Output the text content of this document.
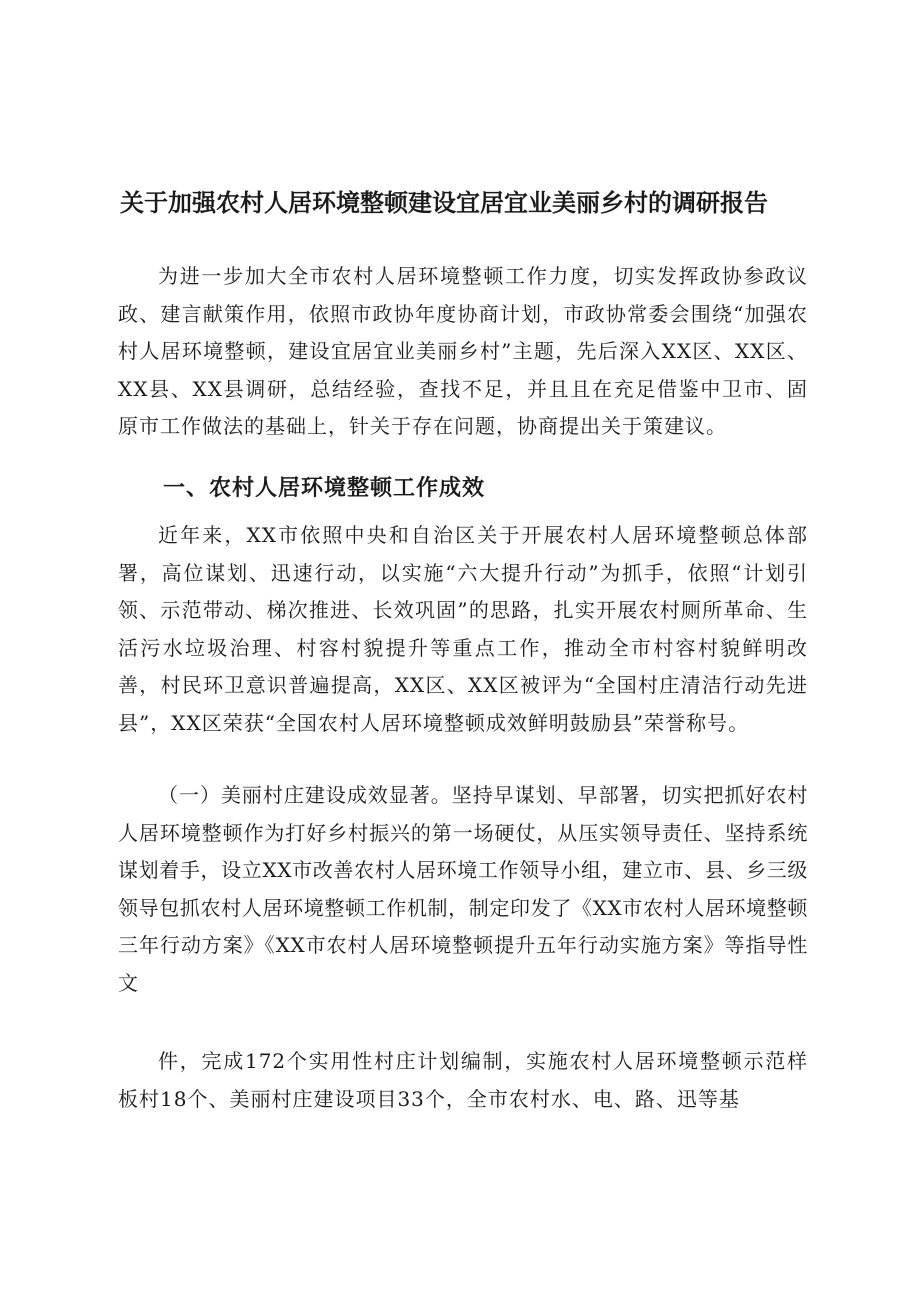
关于加强农村人居环境整顿建设宜居宜业美丽乡村的调研报告

为进一步加大全市农村人居环境整顿工作力度，切实发挥政协参政议政、建言献策作用，依照市政协年度协商计划，市政协常委会围绕“加强农村人居环境整顿，建设宜居宜业美丽乡村”主题，先后深入XX区、XX区、XX县、XX县调研，总结经验，查找不足，并且且在充足借鉴中卫市、固原市工作做法的基础上，针关于存在问题，协商提出关于策建议。

一、农村人居环境整顿工作成效

近年来，XX市依照中央和自治区关于开展农村人居环境整顿总体部署，高位谋划、迅速行动，以实施“六大提升行动”为抓手，依照“计划引领、示范带动、梯次推进、长效巩固”的思路，扎实开展农村厕所革命、生活污水垃圾治理、村容村貌提升等重点工作，推动全市村容村貌鲜明改善，村民环卫意识普遍提高，XX区、XX区被评为“全国村庄清洁行动先进县”，XX区荣获“全国农村人居环境整顿成效鲜明鼓励县”荣誉称号。

（一）美丽村庄建设成效显著。坚持早谋划、早部署，切实把抓好农村人居环境整顿作为打好乡村振兴的第一场硬仗，从压实领导责任、坚持系统谋划着手，设立XX市改善农村人居环境工作领导小组，建立市、县、乡三级领导包抓农村人居环境整顿工作机制，制定印发了《XX市农村人居环境整顿三年行动方案》《XX市农村人居环境整顿提升五年行动实施方案》等指导性文

件，完成172个实用性村庄计划编制，实施农村人居环境整顿示范样板村18个、美丽村庄建设项目33个，全市农村水、电、路、迅等基
